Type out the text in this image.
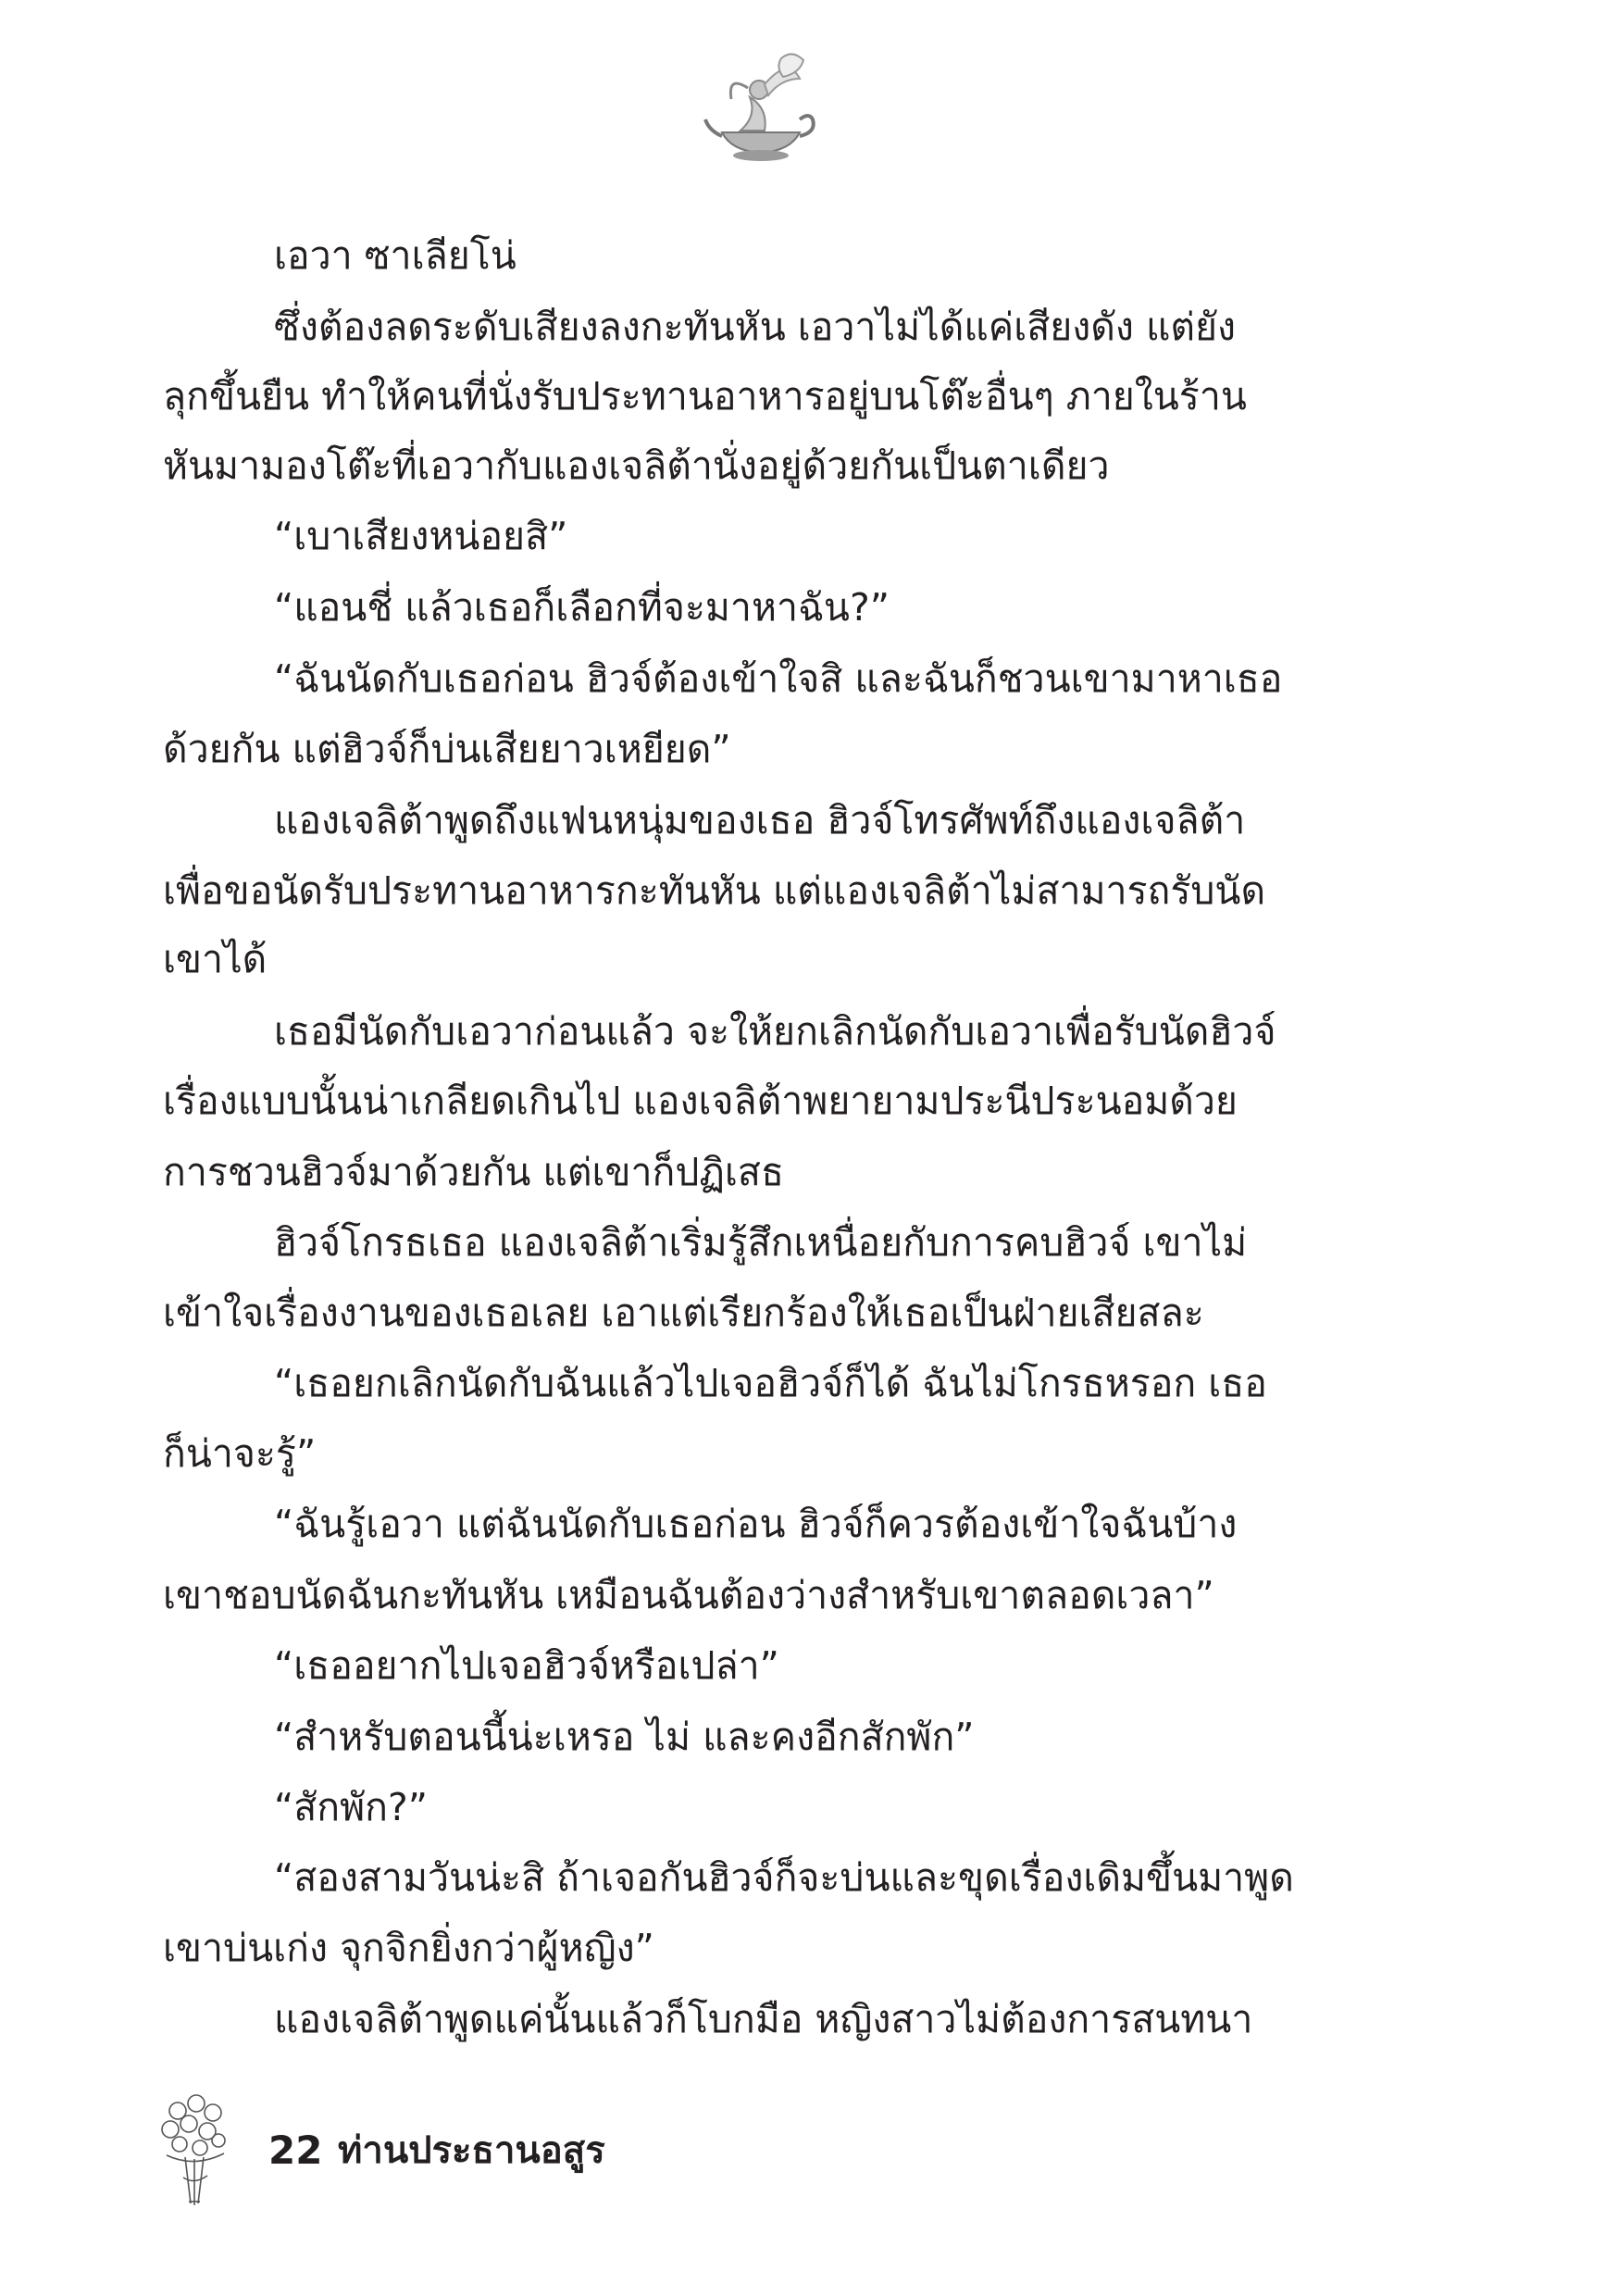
เอวา ซาเลียโน่
ซึ่งต้องลดระดับเสียงลงกะทันหัน เอวาไม่ได้แค่เสียงดัง แต่ยัง
ลุกขึ้นยืน ทำให้คนที่นั่งรับประทานอาหารอยู่บนโต๊ะอื่นๆ ภายในร้าน
หันมามองโต๊ะที่เอวากับแองเจลิต้านั่งอยู่ด้วยกันเป็นตาเดียว
“เบาเสียงหน่อยสิ”
“แอนชี่ แล้วเธอก็เลือกที่จะมาหาฉัน?”
“ฉันนัดกับเธอก่อน ฮิวจ์ต้องเข้าใจสิ และฉันก็ชวนเขามาหาเธอ
ด้วยกัน แต่ฮิวจ์ก็บ่นเสียยาวเหยียด”
แองเจลิต้าพูดถึงแฟนหนุ่มของเธอ ฮิวจ์โทรศัพท์ถึงแองเจลิต้า
เพื่อขอนัดรับประทานอาหารกะทันหัน แต่แองเจลิต้าไม่สามารถรับนัด
เขาได้
เธอมีนัดกับเอวาก่อนแล้ว จะให้ยกเลิกนัดกับเอวาเพื่อรับนัดฮิวจ์
เรื่องแบบนั้นน่าเกลียดเกินไป แองเจลิต้าพยายามประนีประนอมด้วย
การชวนฮิวจ์มาด้วยกัน แต่เขาก็ปฏิเสธ
ฮิวจ์โกรธเธอ แองเจลิต้าเริ่มรู้สึกเหนื่อยกับการคบฮิวจ์ เขาไม่
เข้าใจเรื่องงานของเธอเลย เอาแต่เรียกร้องให้เธอเป็นฝ่ายเสียสละ
“เธอยกเลิกนัดกับฉันแล้วไปเจอฮิวจ์ก็ได้ ฉันไม่โกรธหรอก เธอ
ก็น่าจะรู้”
“ฉันรู้เอวา แต่ฉันนัดกับเธอก่อน ฮิวจ์ก็ควรต้องเข้าใจฉันบ้าง
เขาชอบนัดฉันกะทันหัน เหมือนฉันต้องว่างสำหรับเขาตลอดเวลา”
“เธออยากไปเจอฮิวจ์หรือเปล่า”
“สำหรับตอนนี้น่ะเหรอ ไม่ และคงอีกสักพัก”
“สักพัก?”
“สองสามวันน่ะสิ ถ้าเจอกันฮิวจ์ก็จะบ่นและขุดเรื่องเดิมขึ้นมาพูด
เขาบ่นเก่ง จุกจิกยิ่งกว่าผู้หญิง”
แองเจลิต้าพูดแค่นั้นแล้วก็โบกมือ หญิงสาวไม่ต้องการสนทนา
22 ท่านประธานอสูร
